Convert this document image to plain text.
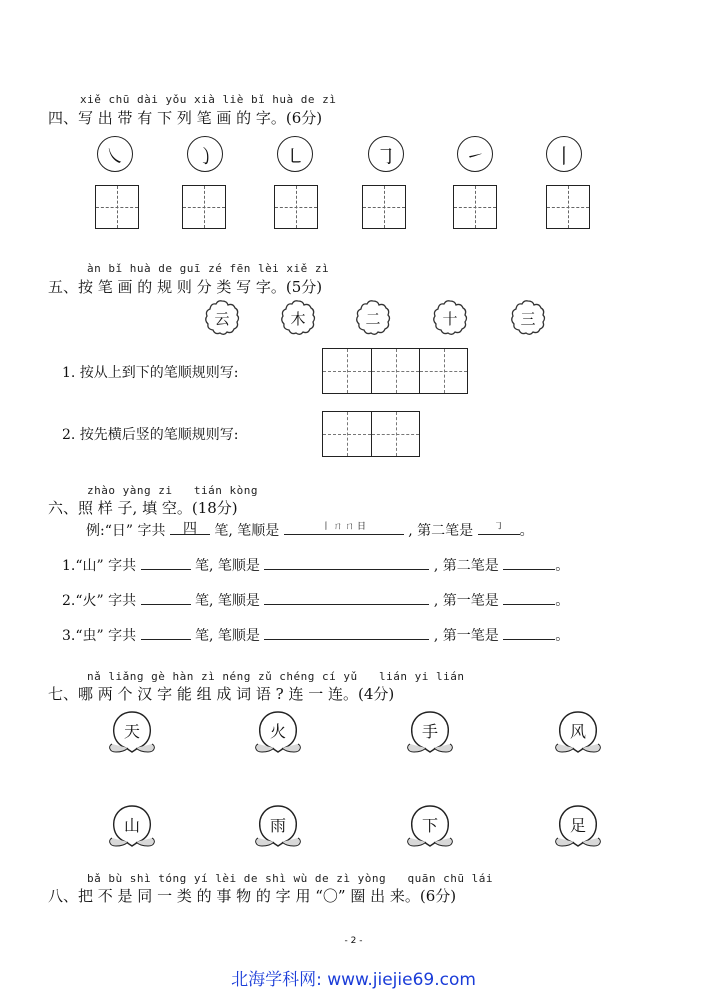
xiě chū dài yǒu xià liè bǐ huà de zì
四、写 出 带 有 下 列 笔 画 的 字。(6分)
㇏	㇁	㇄	㇆	㇀	丨
àn bǐ huà de guī zé fēn lèi xiě zì
五、按 笔 画 的 规 则 分 类 写 字。(5分)
云	木	二	十	三
1. 按从上到下的笔顺规则写:
2. 按先横后竖的笔顺规则写:
zhào yàng zi   tián kòng
六、照 样 子, 填 空。(18分)
例:“日” 字共 四 笔, 笔顺是	丨 ㄇ ㄇ 日	, 第二笔是	㇆	。
1.“山” 字共	笔, 笔顺是	, 第二笔是	。
2.“火” 字共	笔, 笔顺是	, 第一笔是	。
3.“虫” 字共	笔, 笔顺是	, 第一笔是	。
nǎ liǎng gè hàn zì néng zǔ chéng cí yǔ   lián yi lián
七、哪 两 个 汉 字 能 组 成 词 语 ? 连 一 连。(4分)
天	火	手	风
山	雨	下	足
bǎ bù shì tóng yí lèi de shì wù de zì yòng   quān chū lái
八、把 不 是 同 一 类 的 事 物 的 字 用 “〇” 圈 出 来。(6分)
- 2 -
北海学科网: www.jiejie69.com
